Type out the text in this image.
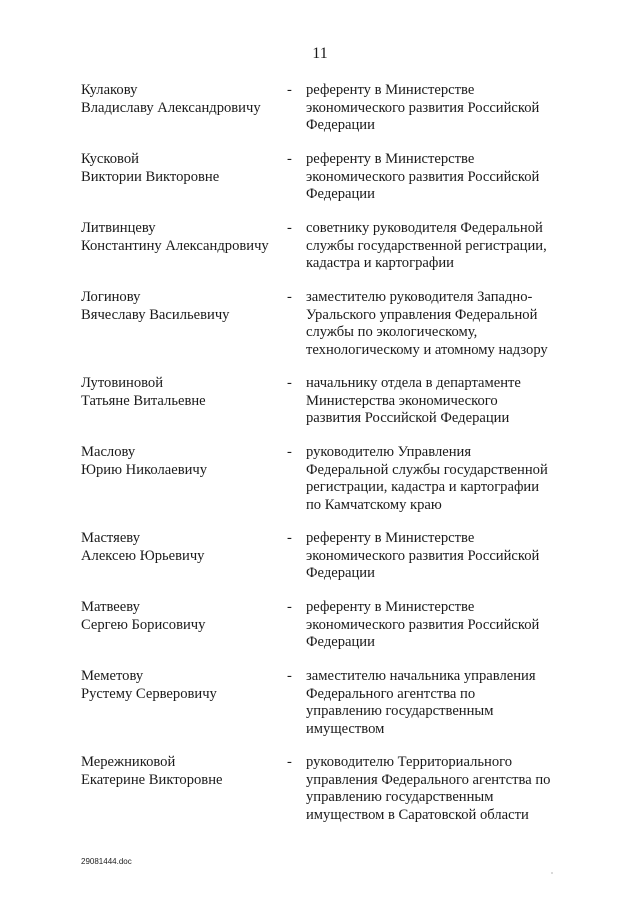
11
Кулакову
Владиславу Александровичу
- референту в Министерстве
экономического развития Российской
Федерации
Кусковой
Виктории Викторовне
- референту в Министерстве
экономического развития Российской
Федерации
Литвинцеву
Константину Александровичу
- советнику руководителя Федеральной
службы государственной регистрации,
кадастра и картографии
Логинову
Вячеславу Васильевичу
- заместителю руководителя Западно-
Уральского управления Федеральной
службы по экологическому,
технологическому и атомному надзору
Лутовиновой
Татьяне Витальевне
- начальнику отдела в департаменте
Министерства экономического
развития Российской Федерации
Маслову
Юрию Николаевичу
- руководителю Управления
Федеральной службы государственной
регистрации, кадастра и картографии
по Камчатскому краю
Мастяеву
Алексею Юрьевичу
- референту в Министерстве
экономического развития Российской
Федерации
Матвееву
Сергею Борисовичу
- референту в Министерстве
экономического развития Российской
Федерации
Меметову
Рустему Серверовичу
- заместителю начальника управления
Федерального агентства по
управлению государственным
имуществом
Мережниковой
Екатерине Викторовне
- руководителю Территориального
управления Федерального агентства по
управлению государственным
имуществом в Саратовской области
29081444.doc
